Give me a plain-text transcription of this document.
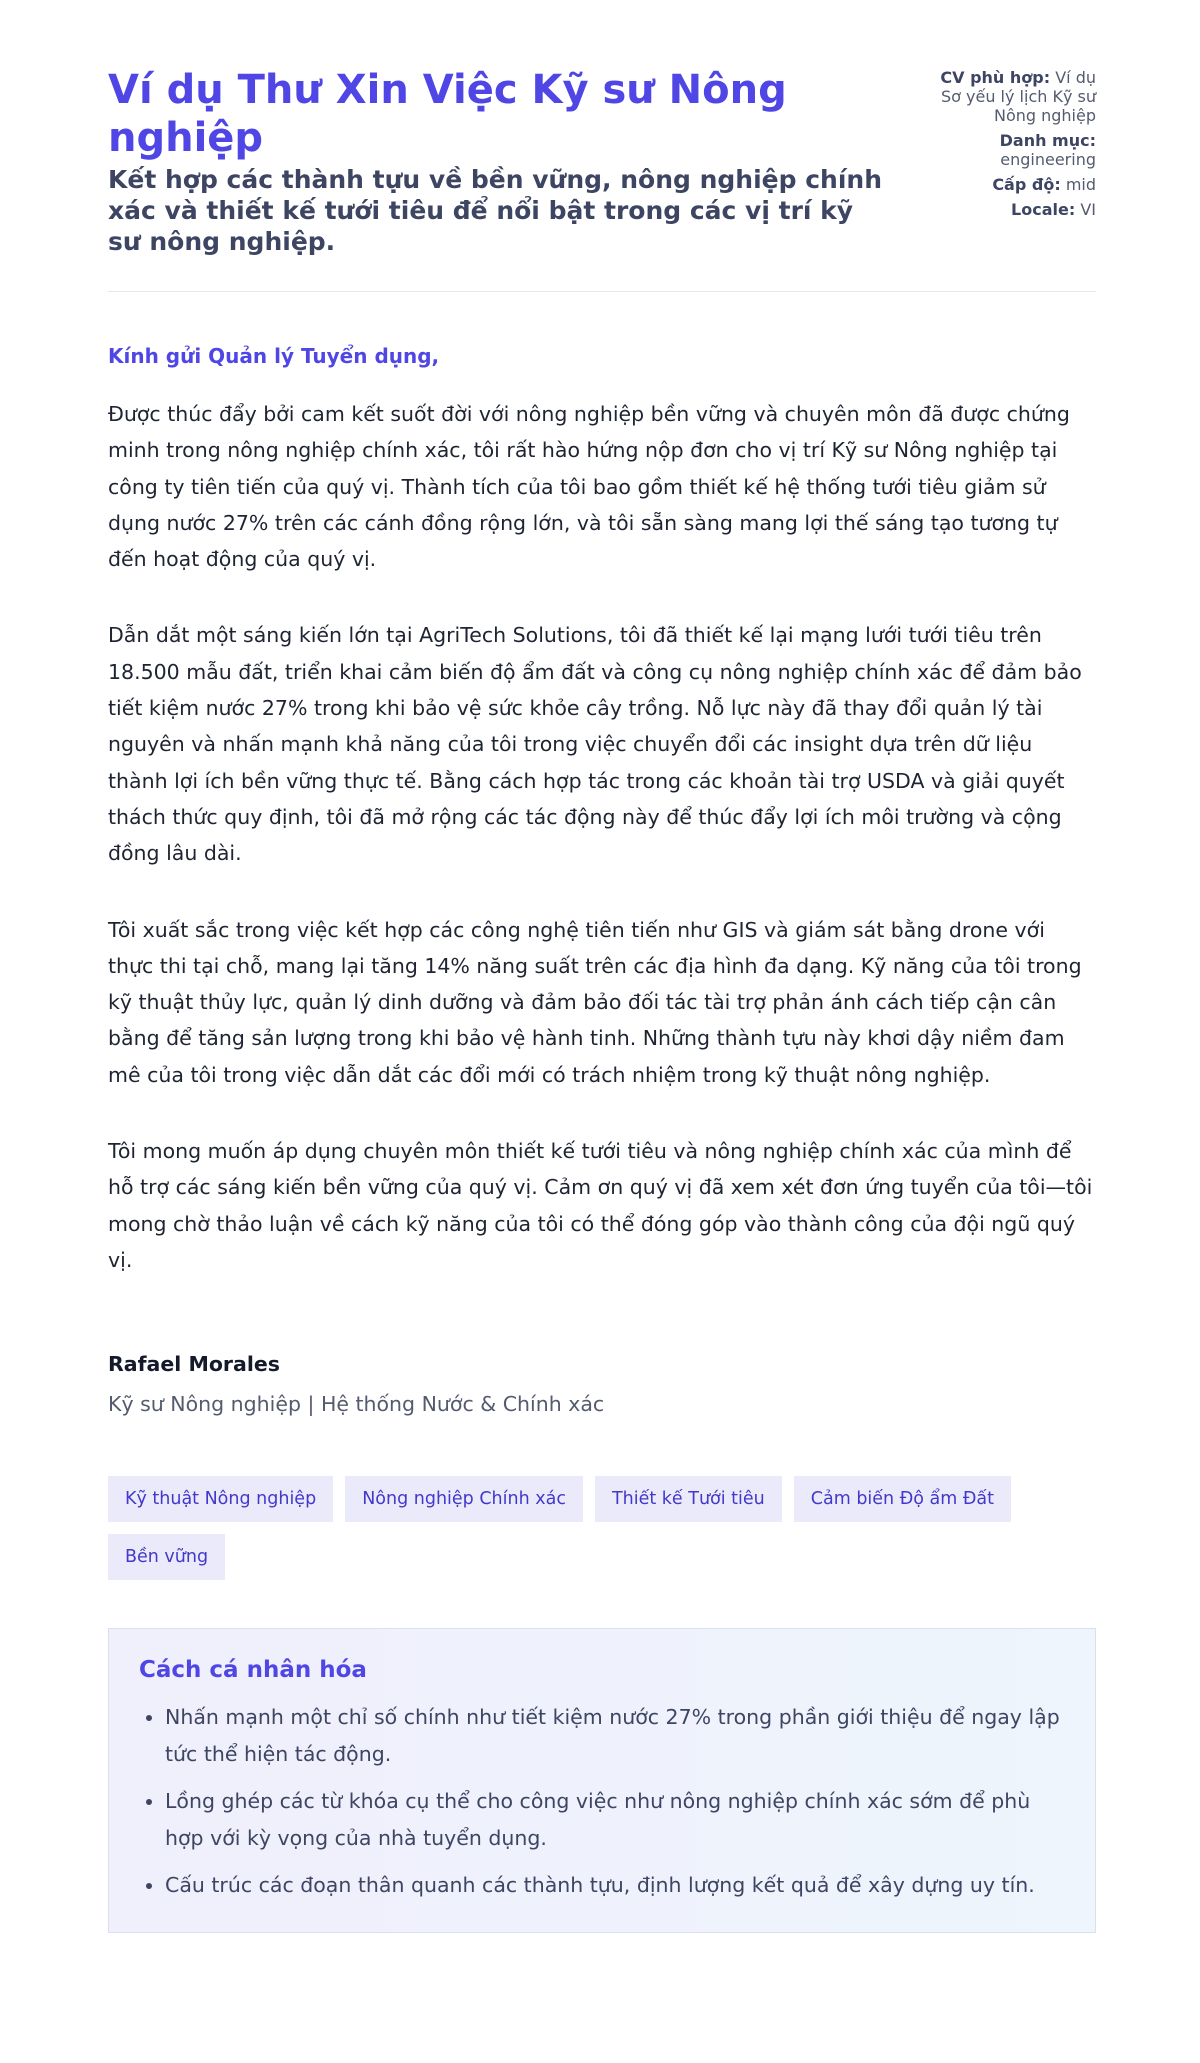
Ví dụ Thư Xin Việc Kỹ sư Nông nghiệp
Kết hợp các thành tựu về bền vững, nông nghiệp chính xác và thiết kế tưới tiêu để nổi bật trong các vị trí kỹ sư nông nghiệp.
CV phù hợp: Ví dụ Sơ yếu lý lịch Kỹ sư Nông nghiệp
Danh mục:
engineering
Cấp độ: mid
Locale: VI

Kính gửi Quản lý Tuyển dụng,

Được thúc đẩy bởi cam kết suốt đời với nông nghiệp bền vững và chuyên môn đã được chứng minh trong nông nghiệp chính xác, tôi rất hào hứng nộp đơn cho vị trí Kỹ sư Nông nghiệp tại công ty tiên tiến của quý vị. Thành tích của tôi bao gồm thiết kế hệ thống tưới tiêu giảm sử dụng nước 27% trên các cánh đồng rộng lớn, và tôi sẵn sàng mang lợi thế sáng tạo tương tự đến hoạt động của quý vị.

Dẫn dắt một sáng kiến lớn tại AgriTech Solutions, tôi đã thiết kế lại mạng lưới tưới tiêu trên 18.500 mẫu đất, triển khai cảm biến độ ẩm đất và công cụ nông nghiệp chính xác để đảm bảo tiết kiệm nước 27% trong khi bảo vệ sức khỏe cây trồng. Nỗ lực này đã thay đổi quản lý tài nguyên và nhấn mạnh khả năng của tôi trong việc chuyển đổi các insight dựa trên dữ liệu thành lợi ích bền vững thực tế. Bằng cách hợp tác trong các khoản tài trợ USDA và giải quyết thách thức quy định, tôi đã mở rộng các tác động này để thúc đẩy lợi ích môi trường và cộng đồng lâu dài.

Tôi xuất sắc trong việc kết hợp các công nghệ tiên tiến như GIS và giám sát bằng drone với thực thi tại chỗ, mang lại tăng 14% năng suất trên các địa hình đa dạng. Kỹ năng của tôi trong kỹ thuật thủy lực, quản lý dinh dưỡng và đảm bảo đối tác tài trợ phản ánh cách tiếp cận cân bằng để tăng sản lượng trong khi bảo vệ hành tinh. Những thành tựu này khơi dậy niềm đam mê của tôi trong việc dẫn dắt các đổi mới có trách nhiệm trong kỹ thuật nông nghiệp.

Tôi mong muốn áp dụng chuyên môn thiết kế tưới tiêu và nông nghiệp chính xác của mình để hỗ trợ các sáng kiến bền vững của quý vị. Cảm ơn quý vị đã xem xét đơn ứng tuyển của tôi—tôi mong chờ thảo luận về cách kỹ năng của tôi có thể đóng góp vào thành công của đội ngũ quý vị.

Rafael Morales
Kỹ sư Nông nghiệp | Hệ thống Nước & Chính xác
Kỹ thuật Nông nghiệp	Nông nghiệp Chính xác	Thiết kế Tưới tiêu	Cảm biến Độ ẩm Đất
Bền vững
Cách cá nhân hóa
• Nhấn mạnh một chỉ số chính như tiết kiệm nước 27% trong phần giới thiệu để ngay lập tức thể hiện tác động.
• Lồng ghép các từ khóa cụ thể cho công việc như nông nghiệp chính xác sớm để phù hợp với kỳ vọng của nhà tuyển dụng.
• Cấu trúc các đoạn thân quanh các thành tựu, định lượng kết quả để xây dựng uy tín.
